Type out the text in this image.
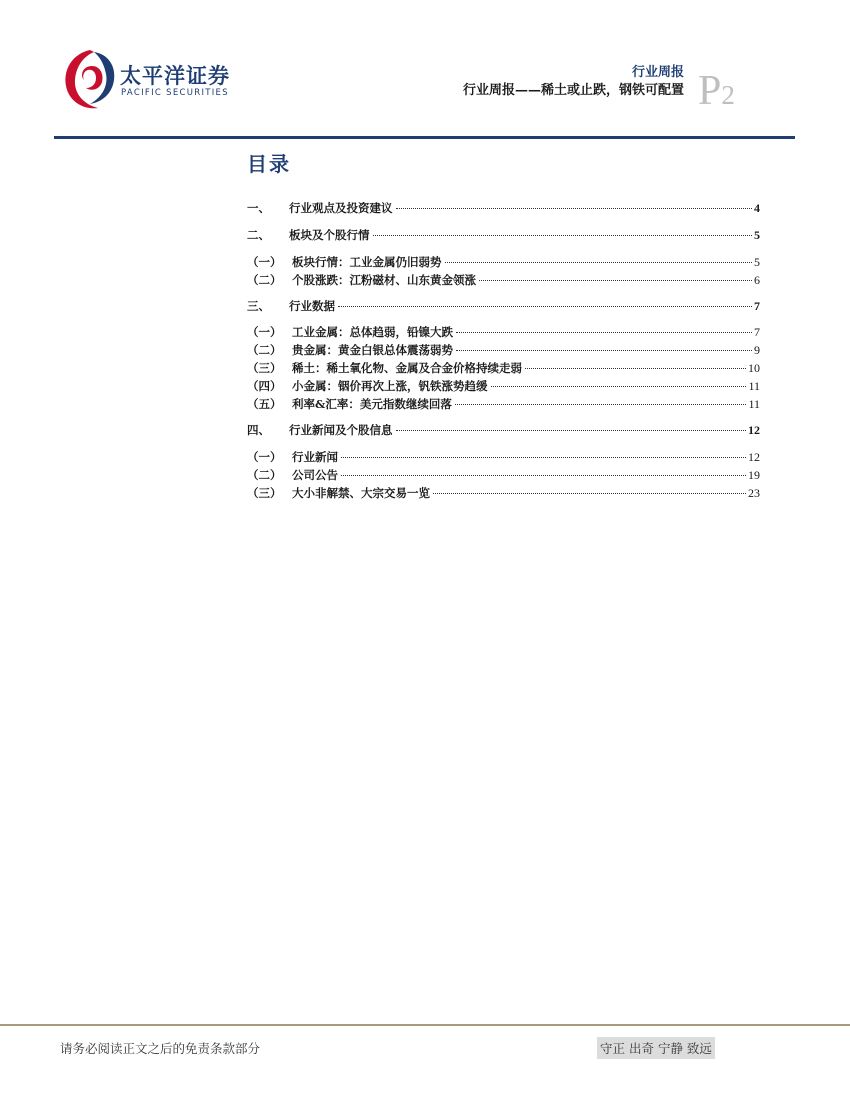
太平洋证券
PACIFIC SECURITIES
行业周报
行业周报——稀土或止跌，钢铁可配置 P2
目录
一、	行业观点及投资建议	4
二、	板块及个股行情	5
（一） 板块行情：工业金属仍旧弱势	5
（二） 个股涨跌：江粉磁材、山东黄金领涨	6
三、	行业数据	7
（一） 工业金属：总体趋弱，铅镍大跌	7
（二） 贵金属：黄金白银总体震荡弱势	9
（三） 稀土：稀土氧化物、金属及合金价格持续走弱	10
（四） 小金属：铟价再次上涨，钒铁涨势趋缓	11
（五） 利率&汇率：美元指数继续回落	11
四、	行业新闻及个股信息	12
（一） 行业新闻	12
（二） 公司公告	19
（三） 大小非解禁、大宗交易一览	23
请务必阅读正文之后的免责条款部分	守正 出奇 宁静 致远
